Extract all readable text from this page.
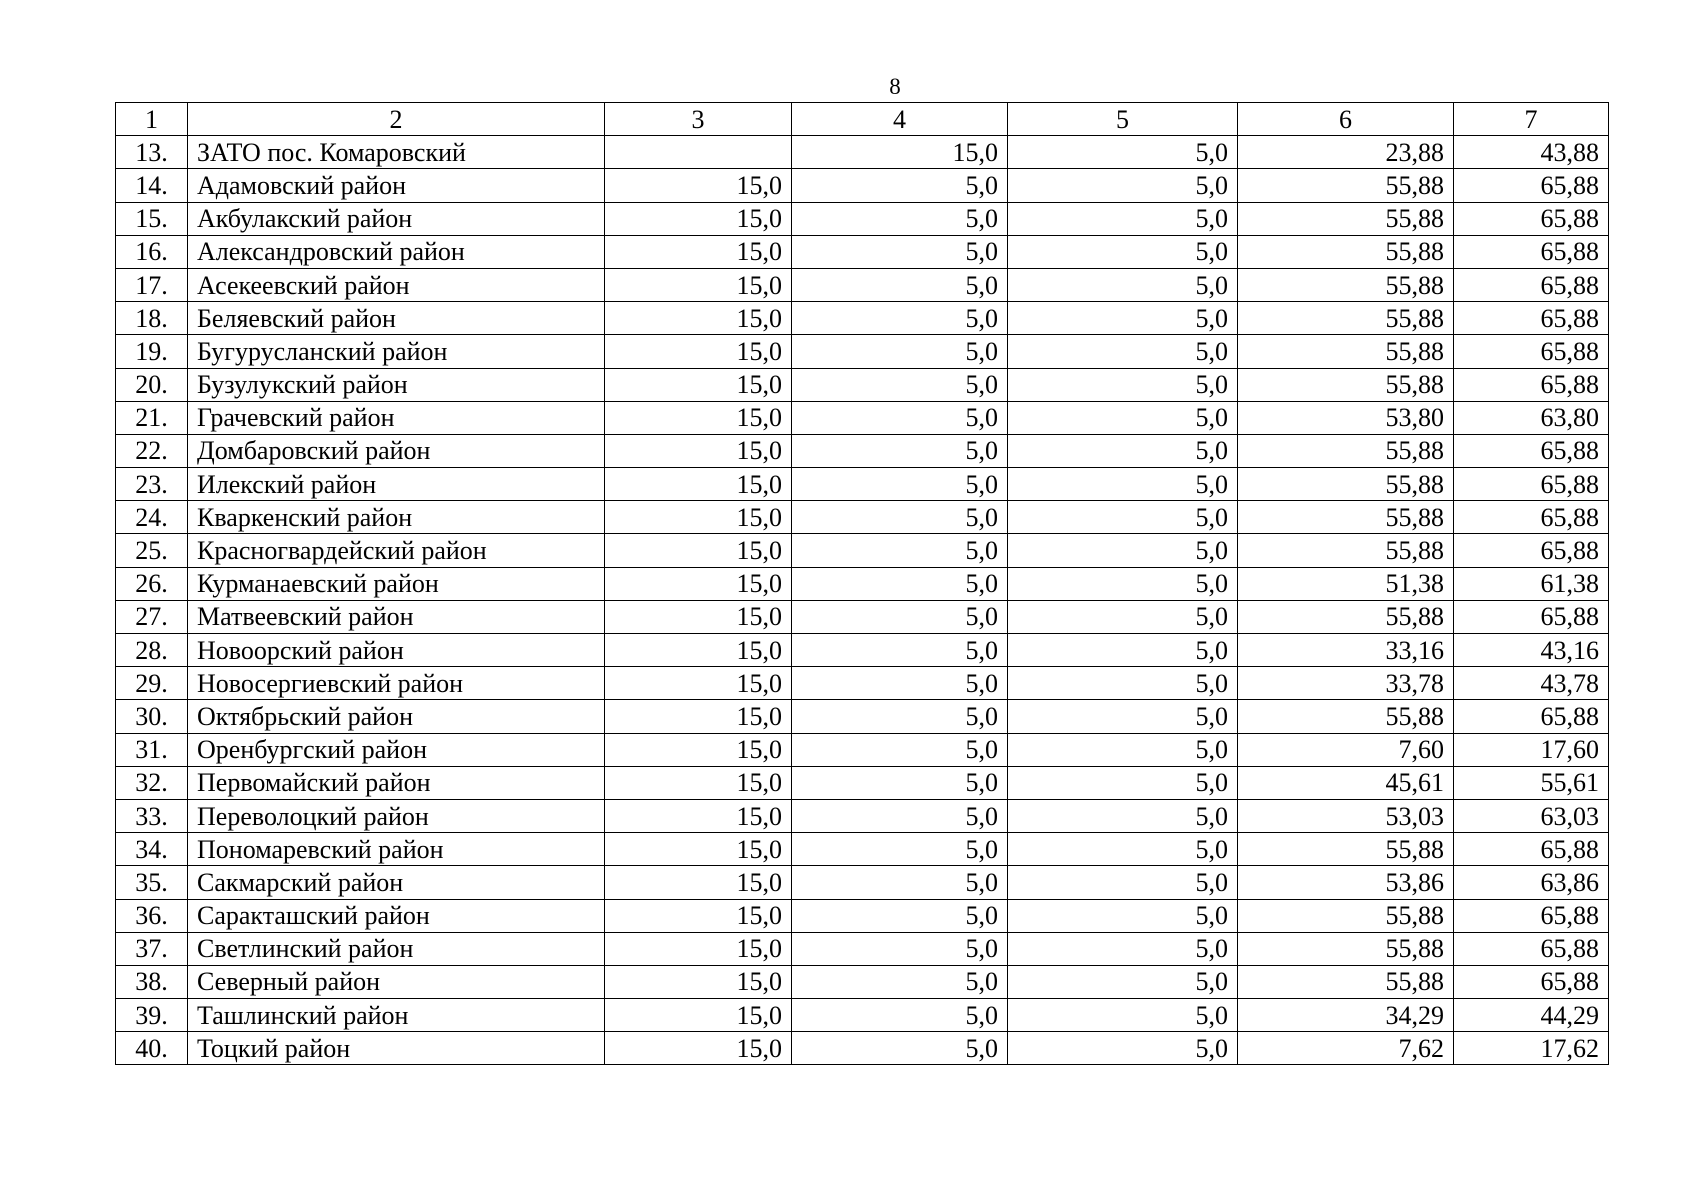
8
1	2	3	4	5	6	7
13.	ЗАТО пос. Комаровский		15,0	5,0	23,88	43,88
14.	Адамовский район	15,0	5,0	5,0	55,88	65,88
15.	Акбулакский район	15,0	5,0	5,0	55,88	65,88
16.	Александровский район	15,0	5,0	5,0	55,88	65,88
17.	Асекеевский район	15,0	5,0	5,0	55,88	65,88
18.	Беляевский район	15,0	5,0	5,0	55,88	65,88
19.	Бугурусланский район	15,0	5,0	5,0	55,88	65,88
20.	Бузулукский район	15,0	5,0	5,0	55,88	65,88
21.	Грачевский район	15,0	5,0	5,0	53,80	63,80
22.	Домбаровский район	15,0	5,0	5,0	55,88	65,88
23.	Илекский район	15,0	5,0	5,0	55,88	65,88
24.	Кваркенский район	15,0	5,0	5,0	55,88	65,88
25.	Красногвардейский район	15,0	5,0	5,0	55,88	65,88
26.	Курманаевский район	15,0	5,0	5,0	51,38	61,38
27.	Матвеевский район	15,0	5,0	5,0	55,88	65,88
28.	Новоорский район	15,0	5,0	5,0	33,16	43,16
29.	Новосергиевский район	15,0	5,0	5,0	33,78	43,78
30.	Октябрьский район	15,0	5,0	5,0	55,88	65,88
31.	Оренбургский район	15,0	5,0	5,0	7,60	17,60
32.	Первомайский район	15,0	5,0	5,0	45,61	55,61
33.	Переволоцкий район	15,0	5,0	5,0	53,03	63,03
34.	Пономаревский район	15,0	5,0	5,0	55,88	65,88
35.	Сакмарский район	15,0	5,0	5,0	53,86	63,86
36.	Саракташский район	15,0	5,0	5,0	55,88	65,88
37.	Светлинский район	15,0	5,0	5,0	55,88	65,88
38.	Северный район	15,0	5,0	5,0	55,88	65,88
39.	Ташлинский район	15,0	5,0	5,0	34,29	44,29
40.	Тоцкий район	15,0	5,0	5,0	7,62	17,62
